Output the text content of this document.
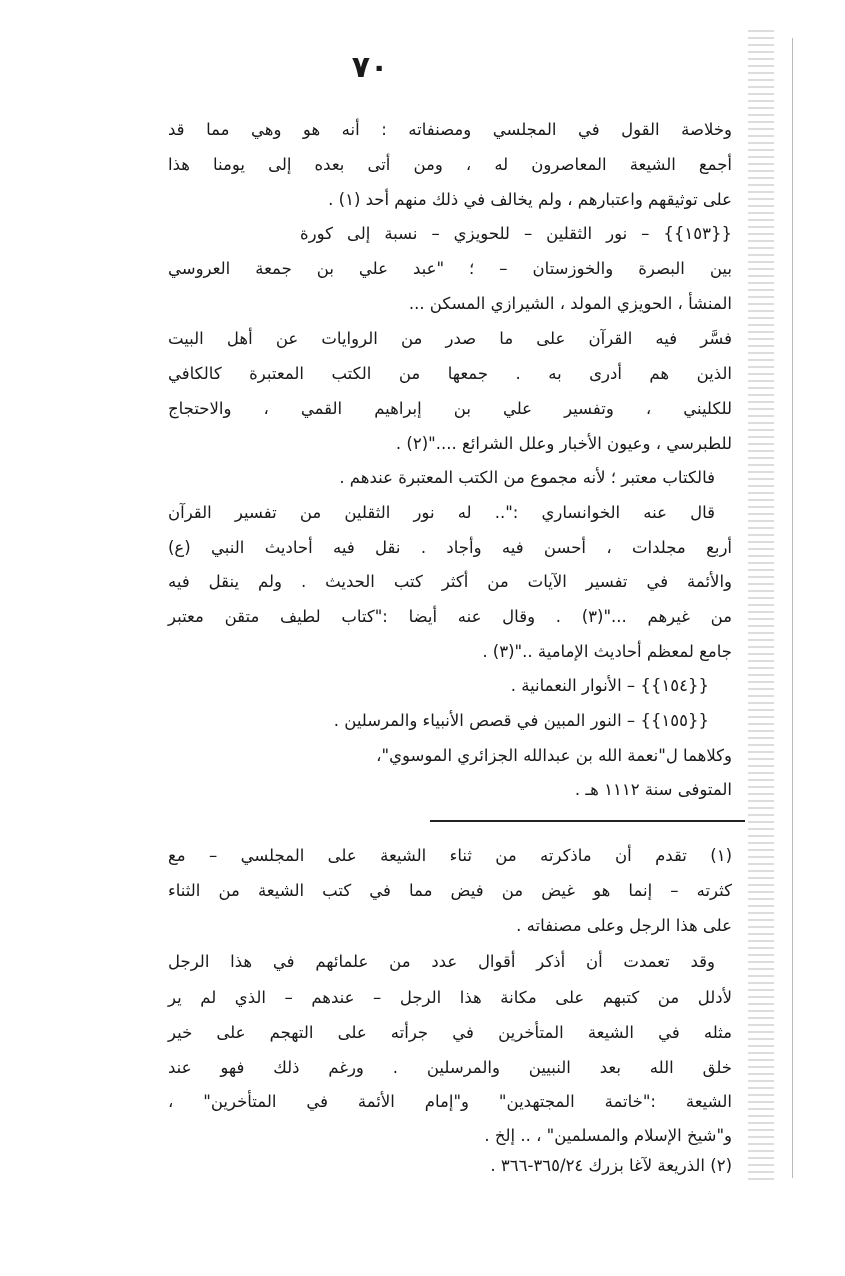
٧٠
وخلاصة القول في المجلسي ومصنفاته : أنه هو وهي مما قد
أجمع الشيعة المعاصرون له ، ومن أتى بعده إلى يومنا هذا
على توثيقهم واعتبارهم ، ولم يخالف في ذلك منهم أحد (١) .
{{١٥٣}} – نور الثقلين – للحويزي – نسبة إلى كورة
بين البصرة والخوزستان – ؛ "عبد علي بن جمعة العروسي
المنشأ ، الحويزي المولد ، الشيرازي المسكن ...
فسَّر فيه القرآن على ما صدر من الروايات عن أهل البيت
الذين هم أدرى به . جمعها من الكتب المعتبرة كالكافي
للكليني ، وتفسير علي بن إبراهيم القمي ، والاحتجاج
للطبرسي ، وعيون الأخبار وعلل الشرائع ...."(٢) .
فالكتاب معتبر ؛ لأنه مجموع من الكتب المعتبرة عندهم .
قال عنه الخوانساري :".. له نور الثقلين من تفسير القرآن
أربع مجلدات ، أحسن فيه وأجاد . نقل فيه أحاديث النبي (ع)
والأئمة في تفسير الآيات من أكثر كتب الحديث . ولم ينقل فيه
من غيرهم ..."(٣) . وقال عنه أيضا :"كتاب لطيف متقن معتبر
جامع لمعظم أحاديث الإمامية .."(٣) .
{{١٥٤}} – الأنوار النعمانية .
{{١٥٥}} – النور المبين في قصص الأنبياء والمرسلين .
وكلاهما ل"نعمة الله بن عبدالله الجزائري الموسوي"،
المتوفى سنة ١١١٢ هـ .
(١) تقدم أن ماذكرته من ثناء الشيعة على المجلسي – مع
كثرته – إنما هو غيض من فيض مما في كتب الشيعة من الثناء
على هذا الرجل وعلى مصنفاته .
وقد تعمدت أن أذكر أقوال عدد من علمائهم في هذا الرجل
لأدلل من كتبهم على مكانة هذا الرجل – عندهم – الذي لم ير
مثله في الشيعة المتأخرين في جرأته على التهجم على خير
خلق الله بعد النبيين والمرسلين . ورغم ذلك فهو عند
الشيعة :"خاتمة المجتهدين" و"إمام الأئمة في المتأخرين" ،
و"شيخ الإسلام والمسلمين" ، .. إلخ .
(٢) الذريعة لآغا بزرك ٣٦٥/٢٤-٣٦٦ .
